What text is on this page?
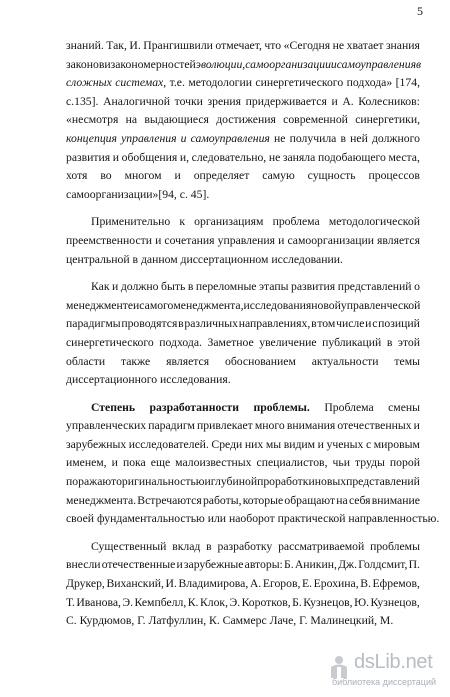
5
знаний. Так, И. Прангишвили отмечает, что «Сегодня не хватает знания
законов и закономерностей эволюции, самоорганизации и самоуправления в
сложных системах, т.е. методологии синергетического подхода» [174,
с.135]. Аналогичной точки зрения придерживается и А. Колесников:
«несмотря на выдающиеся достижения современной синергетики,
концепция управления и самоуправления не получила в ней должного
развития и обобщения и, следовательно, не заняла подобающего места,
хотя во многом и определяет самую сущность процессов
самоорганизации»[94, с. 45].
Применительно к организациям проблема методологической
преемственности и сочетания управления и самоорганизации является
центральной в данном диссертационном исследовании.
Как и должно быть в переломные этапы развития представлений о
менеджменте и самого менеджмента, исследования новой управленческой
парадигмы проводятся в различных направлениях, в том числе и с позиций
синергетического подхода. Заметное увеличение публикаций в этой
области также является обоснованием актуальности темы
диссертационного исследования.
Степень разработанности проблемы. Проблема смены
управленческих парадигм привлекает много внимания отечественных и
зарубежных исследователей. Среди них мы видим и ученых с мировым
именем, и пока еще малоизвестных специалистов, чьи труды порой
поражают оригинальностью и глубиной проработки новых представлений
менеджмента. Встречаются работы, которые обращают на себя внимание
своей фундаментальностью или наоборот практической направленностью.
Существенный вклад в разработку рассматриваемой проблемы
внесли отечественные и зарубежные авторы: Б. Аникин, Дж. Голдсмит, П.
Друкер, Виханский, И. Владимирова, А. Егоров, Е. Ерохина, В. Ефремов,
Т. Иванова, Э. Кемпбелл, К. Клок, Э. Коротков, Б. Кузнецов, Ю. Кузнецов,
С. Курдюмов, Г. Латфуллин, К. Саммерс Лаче, Г. Малинецкий, М.
dsLib.net
библиотека диссертаций
